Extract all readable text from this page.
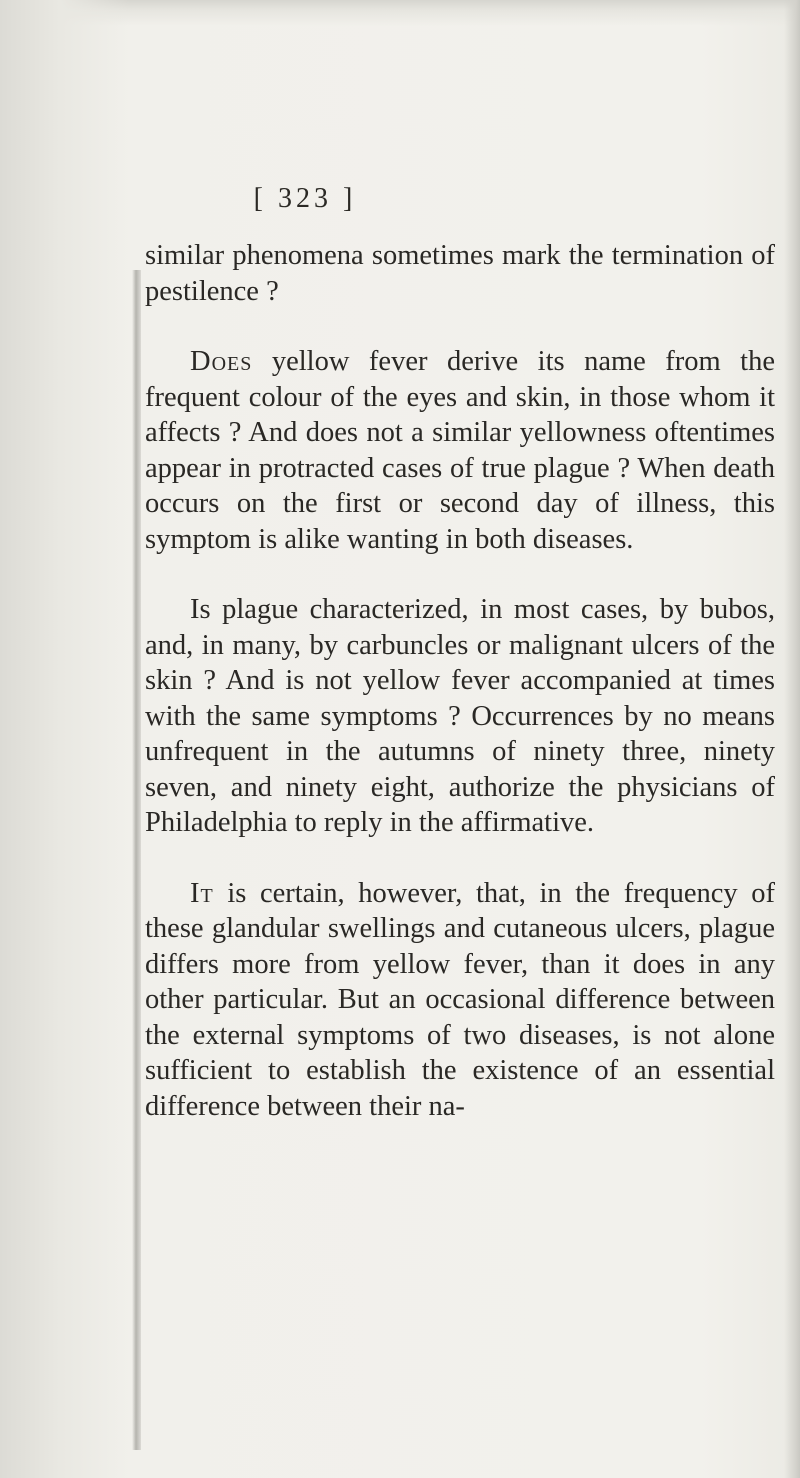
[ 323 ]

similar phenomena sometimes mark the termination of pestilence ?

Does yellow fever derive its name from the frequent colour of the eyes and skin, in those whom it affects ? And does not a similar yellowness oftentimes appear in protracted cases of true plague ? When death occurs on the first or second day of illness, this symptom is alike wanting in both diseases.

Is plague characterized, in most cases, by bubos, and, in many, by carbuncles or malignant ulcers of the skin ? And is not yellow fever accompanied at times with the same symptoms ? Occurrences by no means unfrequent in the autumns of ninety three, ninety seven, and ninety eight, authorize the physicians of Philadelphia to reply in the affirmative.

It is certain, however, that, in the frequency of these glandular swellings and cutaneous ulcers, plague differs more from yellow fever, than it does in any other particular. But an occasional difference between the external symptoms of two diseases, is not alone sufficient to establish the existence of an essential difference between their na-
